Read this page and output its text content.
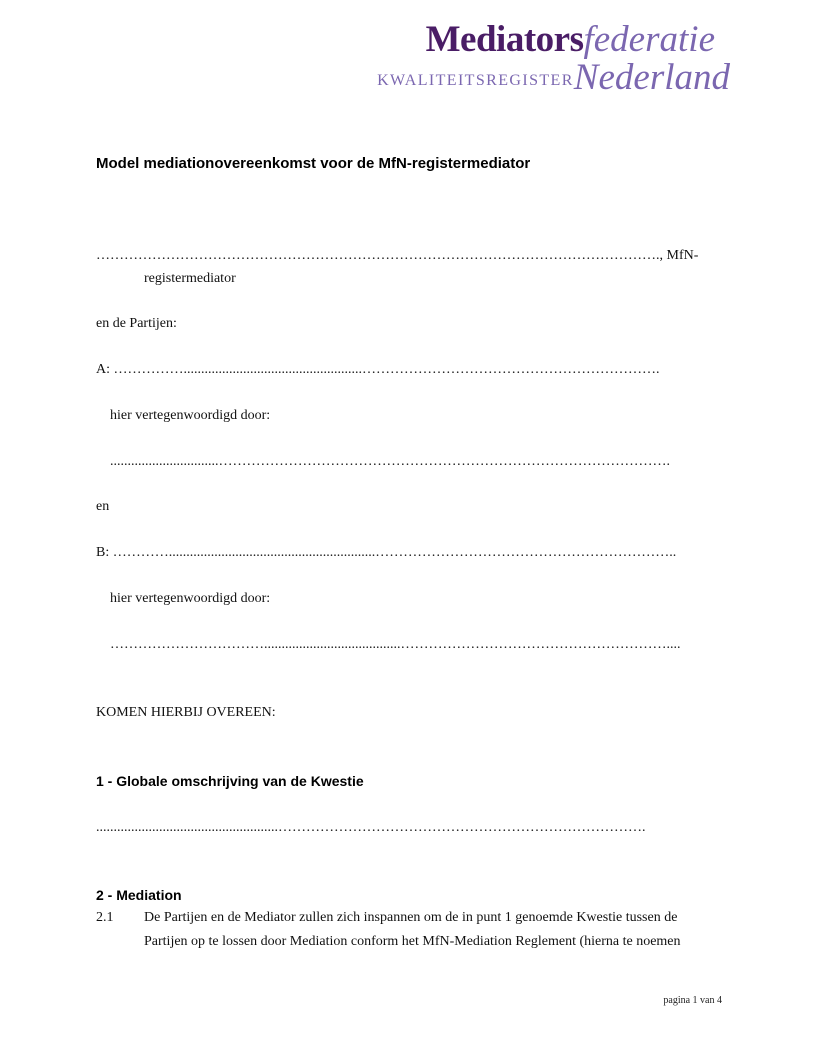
Mediatorsfederatie
KWALITEITSREGISTERNederland
Model mediationovereenkomst voor de MfN-registermediator
…………………………………………………………………………………………………………., MfN-
registermediator
en de Partijen:
A: ……………...................................................……………………………………………………….
hier vertegenwoordigd door:
...............................…………………………………………………………………………………….
en
B: …………...........................................................………………………………………………………..
hier vertegenwoordigd door:
…………………………….......................................…………………………………………………....
KOMEN HIERBIJ OVEREEN:
1 - Globale omschrijving van de Kwestie
....................................................…………………………………………………………………….
2 - Mediation
2.1 De Partijen en de Mediator zullen zich inspannen om de in punt 1 genoemde Kwestie tussen de
Partijen op te lossen door Mediation conform het MfN-Mediation Reglement (hierna te noemen
pagina 1 van 4
